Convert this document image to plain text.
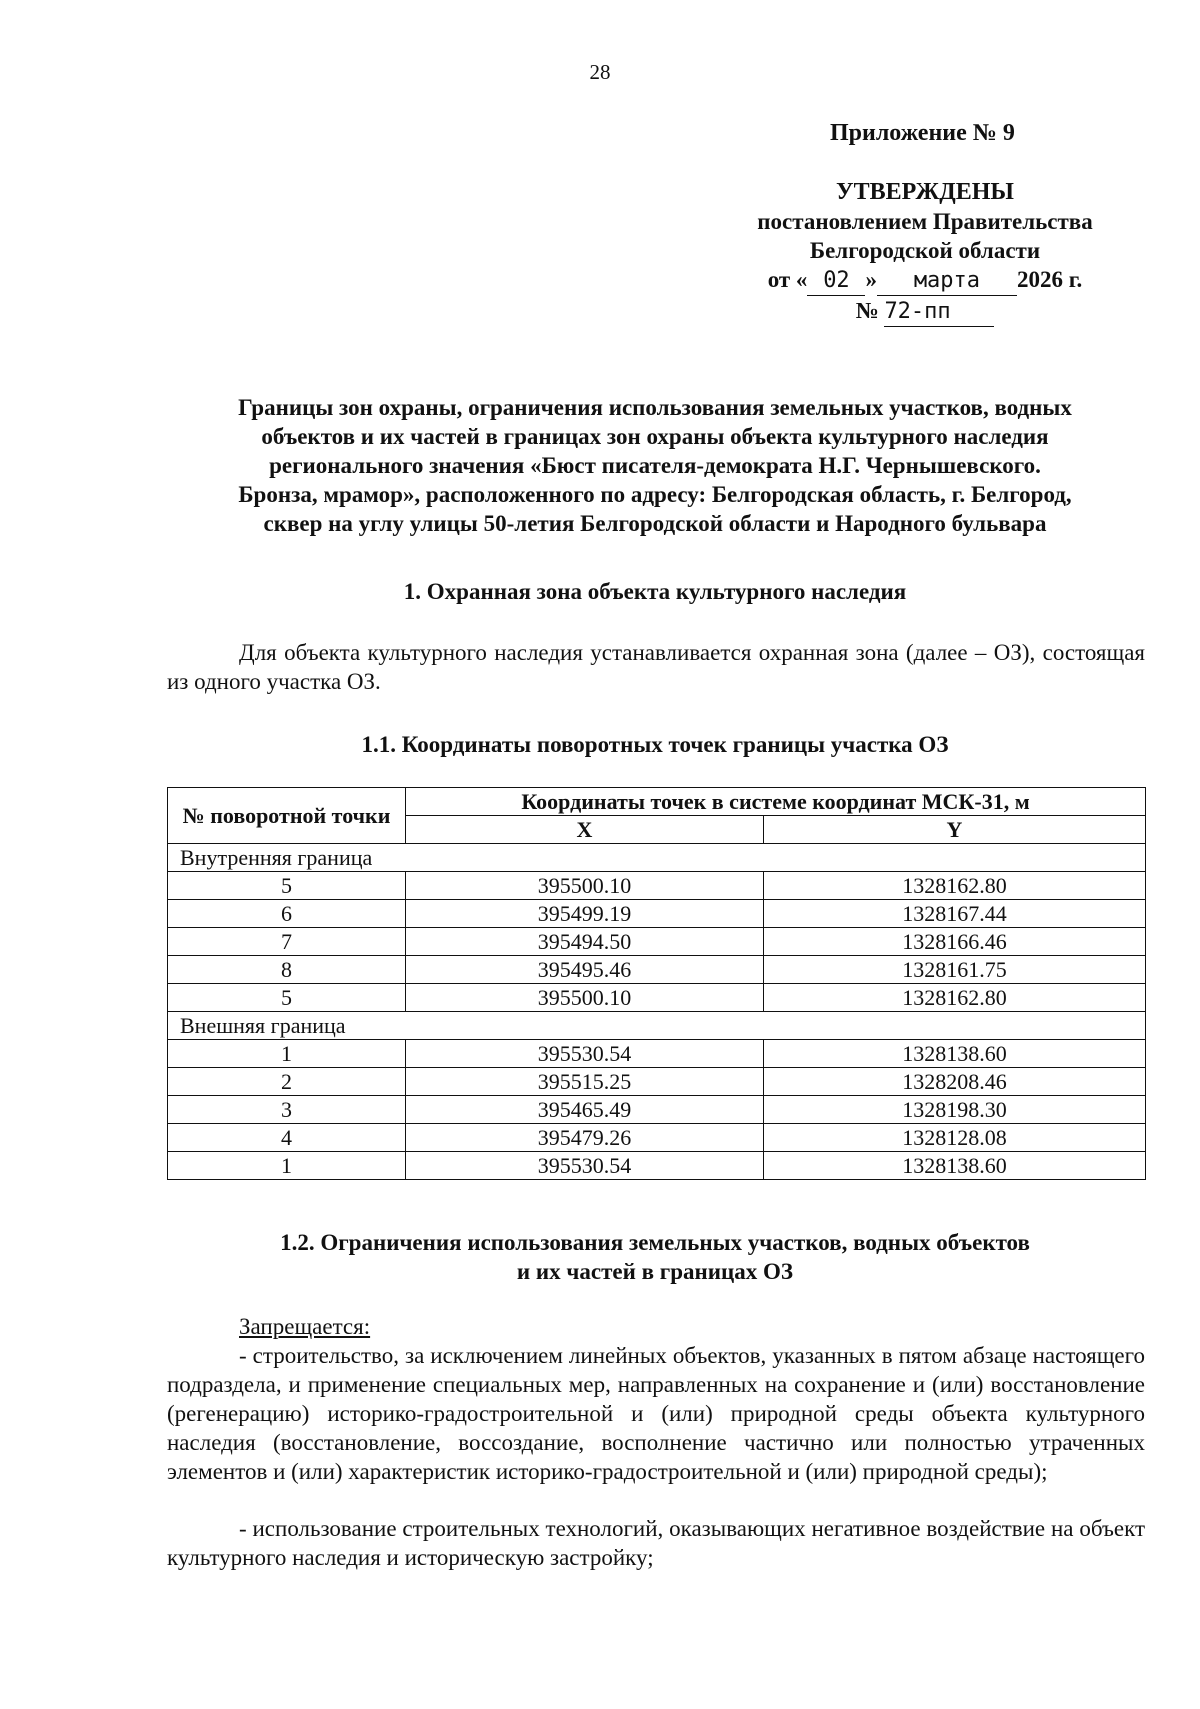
28
Приложение № 9
УТВЕРЖДЕНЫ
постановлением Правительства
Белгородской области
от « 02 » марта 2026 г.
№ 72-пп
Границы зон охраны, ограничения использования земельных участков, водных
объектов и их частей в границах зон охраны объекта культурного наследия
регионального значения «Бюст писателя-демократа Н.Г. Чернышевского.
Бронза, мрамор», расположенного по адресу: Белгородская область, г. Белгород,
сквер на углу улицы 50-летия Белгородской области и Народного бульвара
1. Охранная зона объекта культурного наследия
Для объекта культурного наследия устанавливается охранная зона (далее – ОЗ), состоящая из одного участка ОЗ.
1.1. Координаты поворотных точек границы участка ОЗ
№ поворотной точки	Координаты точек в системе координат МСК-31, м	
	X	Y
Внутренняя граница		
5	395500.10	1328162.80
6	395499.19	1328167.44
7	395494.50	1328166.46
8	395495.46	1328161.75
5	395500.10	1328162.80
Внешняя граница		
1	395530.54	1328138.60
2	395515.25	1328208.46
3	395465.49	1328198.30
4	395479.26	1328128.08
1	395530.54	1328138.60
1.2. Ограничения использования земельных участков, водных объектов
и их частей в границах ОЗ
Запрещается:
- строительство, за исключением линейных объектов, указанных в пятом абзаце настоящего подраздела, и применение специальных мер, направленных на сохранение и (или) восстановление (регенерацию) историко-градостроительной и (или) природной среды объекта культурного наследия (восстановление, воссоздание, восполнение частично или полностью утраченных элементов и (или) характеристик историко-градостроительной и (или) природной среды);
- использование строительных технологий, оказывающих негативное воздействие на объект культурного наследия и историческую застройку;
